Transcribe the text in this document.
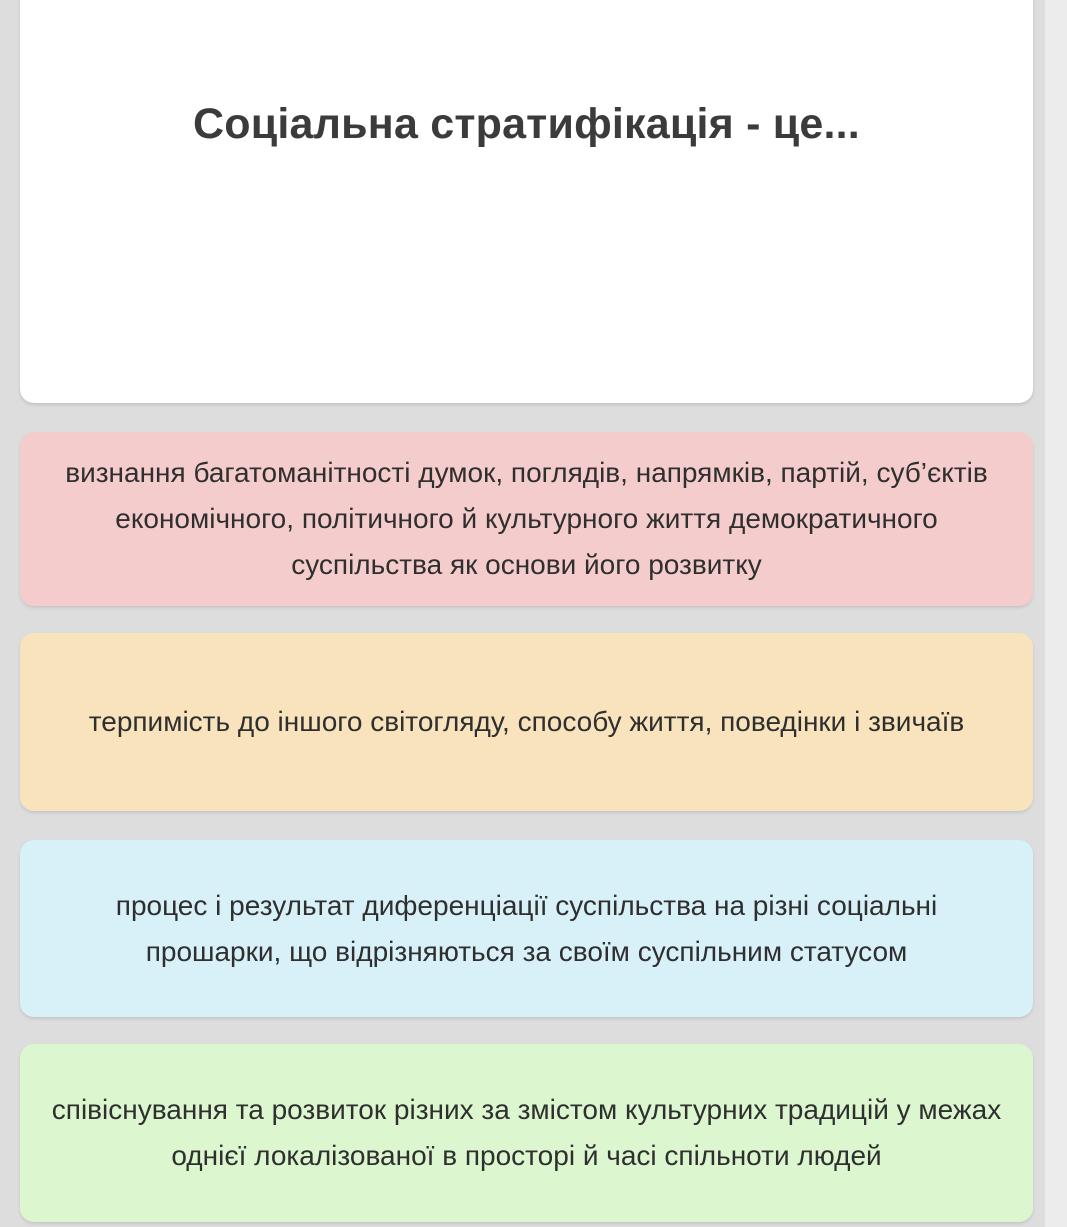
Соціальна стратифікація - це...
визнання багатоманітності думок, поглядів, напрямків, партій, суб’єктів економічного, політичного й культурного життя демократичного суспільства як основи його розвитку
терпимість до іншого світогляду, способу життя, поведінки і звичаїв
процес і результат диференціації суспільства на різні соціальні прошарки, що відрізняються за своїм суспільним статусом
співіснування та розвиток різних за змістом культурних традицій у межах однієї локалізованої в просторі й часі спільноти людей
